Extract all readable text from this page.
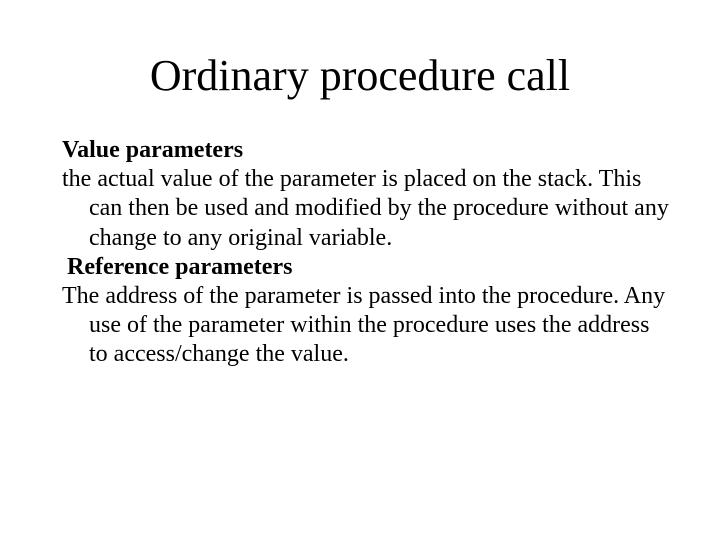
Ordinary procedure call

Value parameters

the actual value of the parameter is placed on the stack. This can then be used and modified by the procedure without any change to any original variable.

Reference parameters

The address of the parameter is passed into the procedure. Any use of the parameter within the procedure uses the address to access/change the value.
